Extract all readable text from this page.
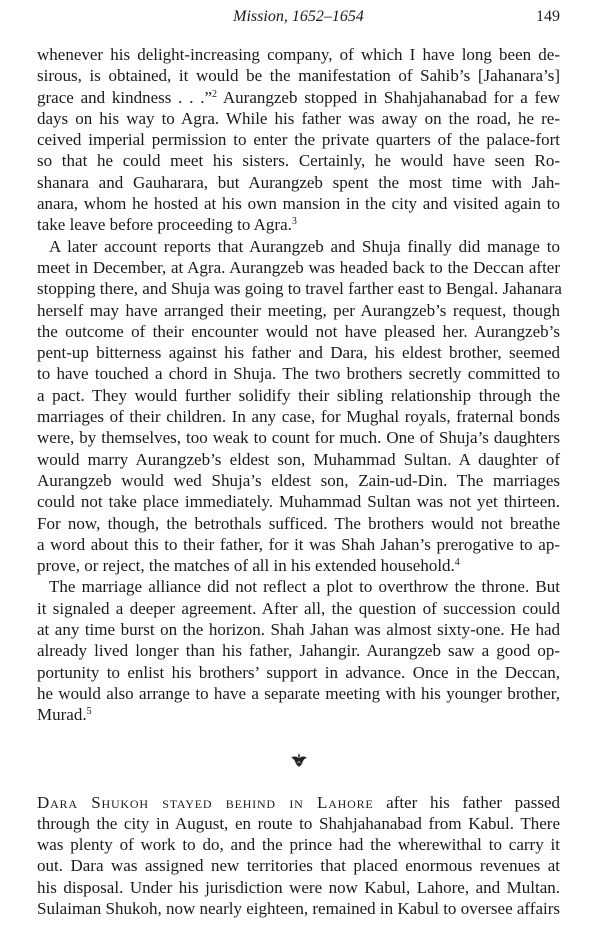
Mission, 1652–1654	149
whenever his delight-increasing company, of which I have long been de-
sirous, is obtained, it would be the manifestation of Sahib’s [Jahanara’s]
grace and kindness . . .”$^2$ Aurangzeb stopped in Shahjahanabad for a few
days on his way to Agra. While his father was away on the road, he re-
ceived imperial permission to enter the private quarters of the palace-fort
so that he could meet his sisters. Certainly, he would have seen Ro-
shanara and Gauharara, but Aurangzeb spent the most time with Jah-
anara, whom he hosted at his own mansion in the city and visited again to
take leave before proceeding to Agra.$^3$
A later account reports that Aurangzeb and Shuja finally did manage to
meet in December, at Agra. Aurangzeb was headed back to the Deccan after
stopping there, and Shuja was going to travel farther east to Bengal. Jahanara
herself may have arranged their meeting, per Aurangzeb’s request, though
the outcome of their encounter would not have pleased her. Aurangzeb’s
pent-up bitterness against his father and Dara, his eldest brother, seemed
to have touched a chord in Shuja. The two brothers secretly committed to
a pact. They would further solidify their sibling relationship through the
marriages of their children. In any case, for Mughal royals, fraternal bonds
were, by themselves, too weak to count for much. One of Shuja’s daughters
would marry Aurangzeb’s eldest son, Muhammad Sultan. A daughter of
Aurangzeb would wed Shuja’s eldest son, Zain-ud-Din. The marriages
could not take place immediately. Muhammad Sultan was not yet thirteen.
For now, though, the betrothals sufficed. The brothers would not breathe
a word about this to their father, for it was Shah Jahan’s prerogative to ap-
prove, or reject, the matches of all in his extended household.$^4$
The marriage alliance did not reflect a plot to overthrow the throne. But
it signaled a deeper agreement. After all, the question of succession could
at any time burst on the horizon. Shah Jahan was almost sixty-one. He had
already lived longer than his father, Jahangir. Aurangzeb saw a good op-
portunity to enlist his brothers’ support in advance. Once in the Deccan,
he would also arrange to have a separate meeting with his younger brother,
Murad.$^5$
Dara Shukoh stayed behind in Lahore after his father passed
through the city in August, en route to Shahjahanabad from Kabul. There
was plenty of work to do, and the prince had the wherewithal to carry it
out. Dara was assigned new territories that placed enormous revenues at
his disposal. Under his jurisdiction were now Kabul, Lahore, and Multan.
Sulaiman Shukoh, now nearly eighteen, remained in Kabul to oversee affairs
